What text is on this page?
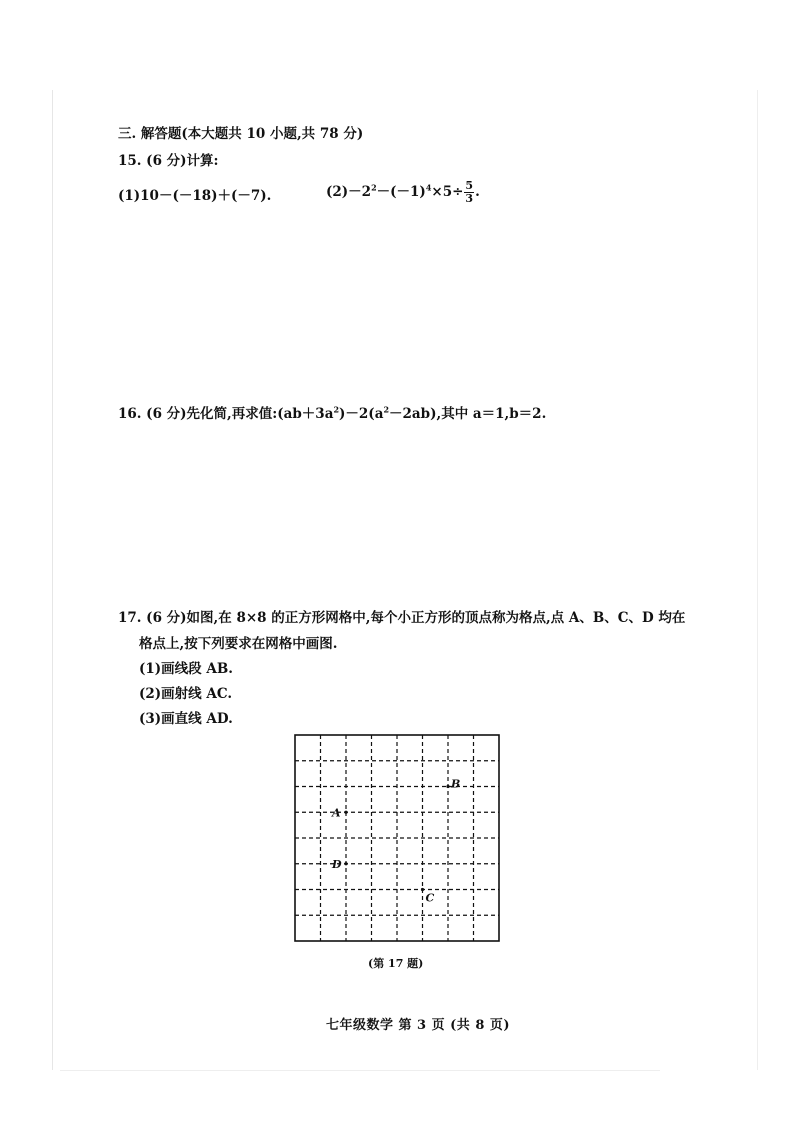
三. 解答题(本大题共 10 小题,共 78 分)
15. (6 分)计算:
(1)10－(－18)＋(－7).	$(2)-2^2-(-1)^4\times 5\div \frac{5}{3}$ .
16. (6 分)先化简,再求值$:(ab+3a^2)-2(a^2-2ab)$,其中 a＝1,b＝2.
17. (6 分)如图,在 8×8 的正方形网格中,每个小正方形的顶点称为格点,点 A、B、C、D 均在
格点上,按下列要求在网格中画图.
(1)画线段 AB.
(2)画射线 AC.
(3)画直线 AD.
A
B
C
D
(第 17 题)
七年级数学 第 3 页 (共 8 页)
